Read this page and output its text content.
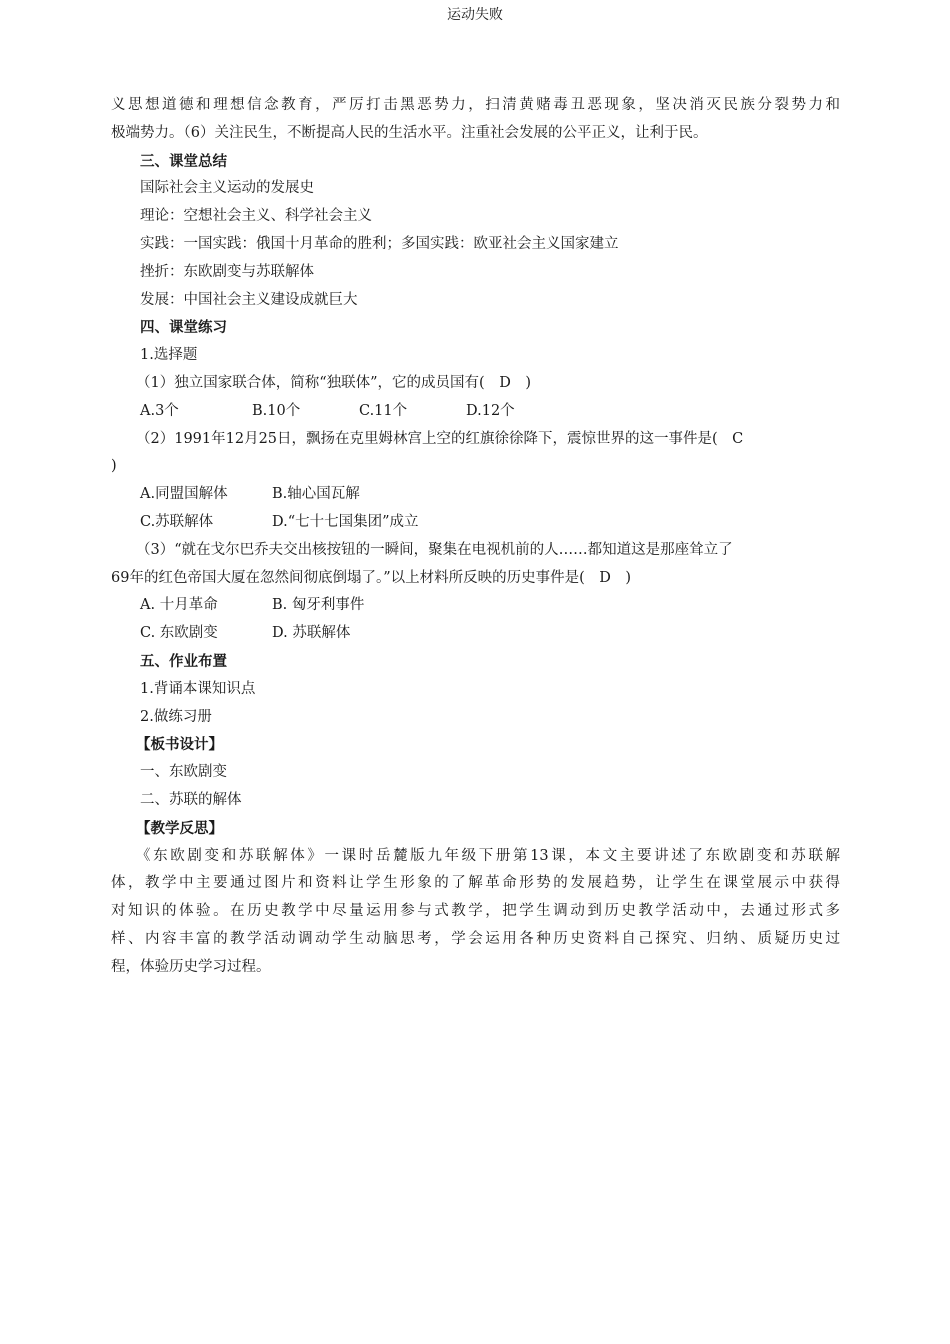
运动失败
义思想道德和理想信念教育，严厉打击黑恶势力，扫清黄赌毒丑恶现象，坚决消灭民族分裂势力和
极端势力。（6）关注民生，不断提高人民的生活水平。注重社会发展的公平正义，让利于民。
三、课堂总结
国际社会主义运动的发展史
理论：空想社会主义、科学社会主义
实践：一国实践：俄国十月革命的胜利；多国实践：欧亚社会主义国家建立
挫折：东欧剧变与苏联解体
发展：中国社会主义建设成就巨大
四、课堂练习
1.选择题
（1）独立国家联合体，简称“独联体”，它的成员国有(　D　)
A.3个	B.10个	C.11个	D.12个
（2）1991年12月25日，飘扬在克里姆林宫上空的红旗徐徐降下，震惊世界的这一事件是(　C
)
A.同盟国解体	B.轴心国瓦解
C.苏联解体	D.“七十七国集团”成立
（3）“就在戈尔巴乔夫交出核按钮的一瞬间，聚集在电视机前的人……都知道这是那座耸立了
69年的红色帝国大厦在忽然间彻底倒塌了。”以上材料所反映的历史事件是(　D　)
A. 十月革命	B. 匈牙利事件
C. 东欧剧变	D. 苏联解体
五、作业布置
1.背诵本课知识点
2.做练习册
【板书设计】
一、东欧剧变
二、苏联的解体
【教学反思】
《东欧剧变和苏联解体》一课时岳麓版九年级下册第13课，本文主要讲述了东欧剧变和苏联解
体，教学中主要通过图片和资料让学生形象的了解革命形势的发展趋势，让学生在课堂展示中获得
对知识的体验。在历史教学中尽量运用参与式教学，把学生调动到历史教学活动中，去通过形式多
样、内容丰富的教学活动调动学生动脑思考，学会运用各种历史资料自己探究、归纳、质疑历史过
程，体验历史学习过程。
